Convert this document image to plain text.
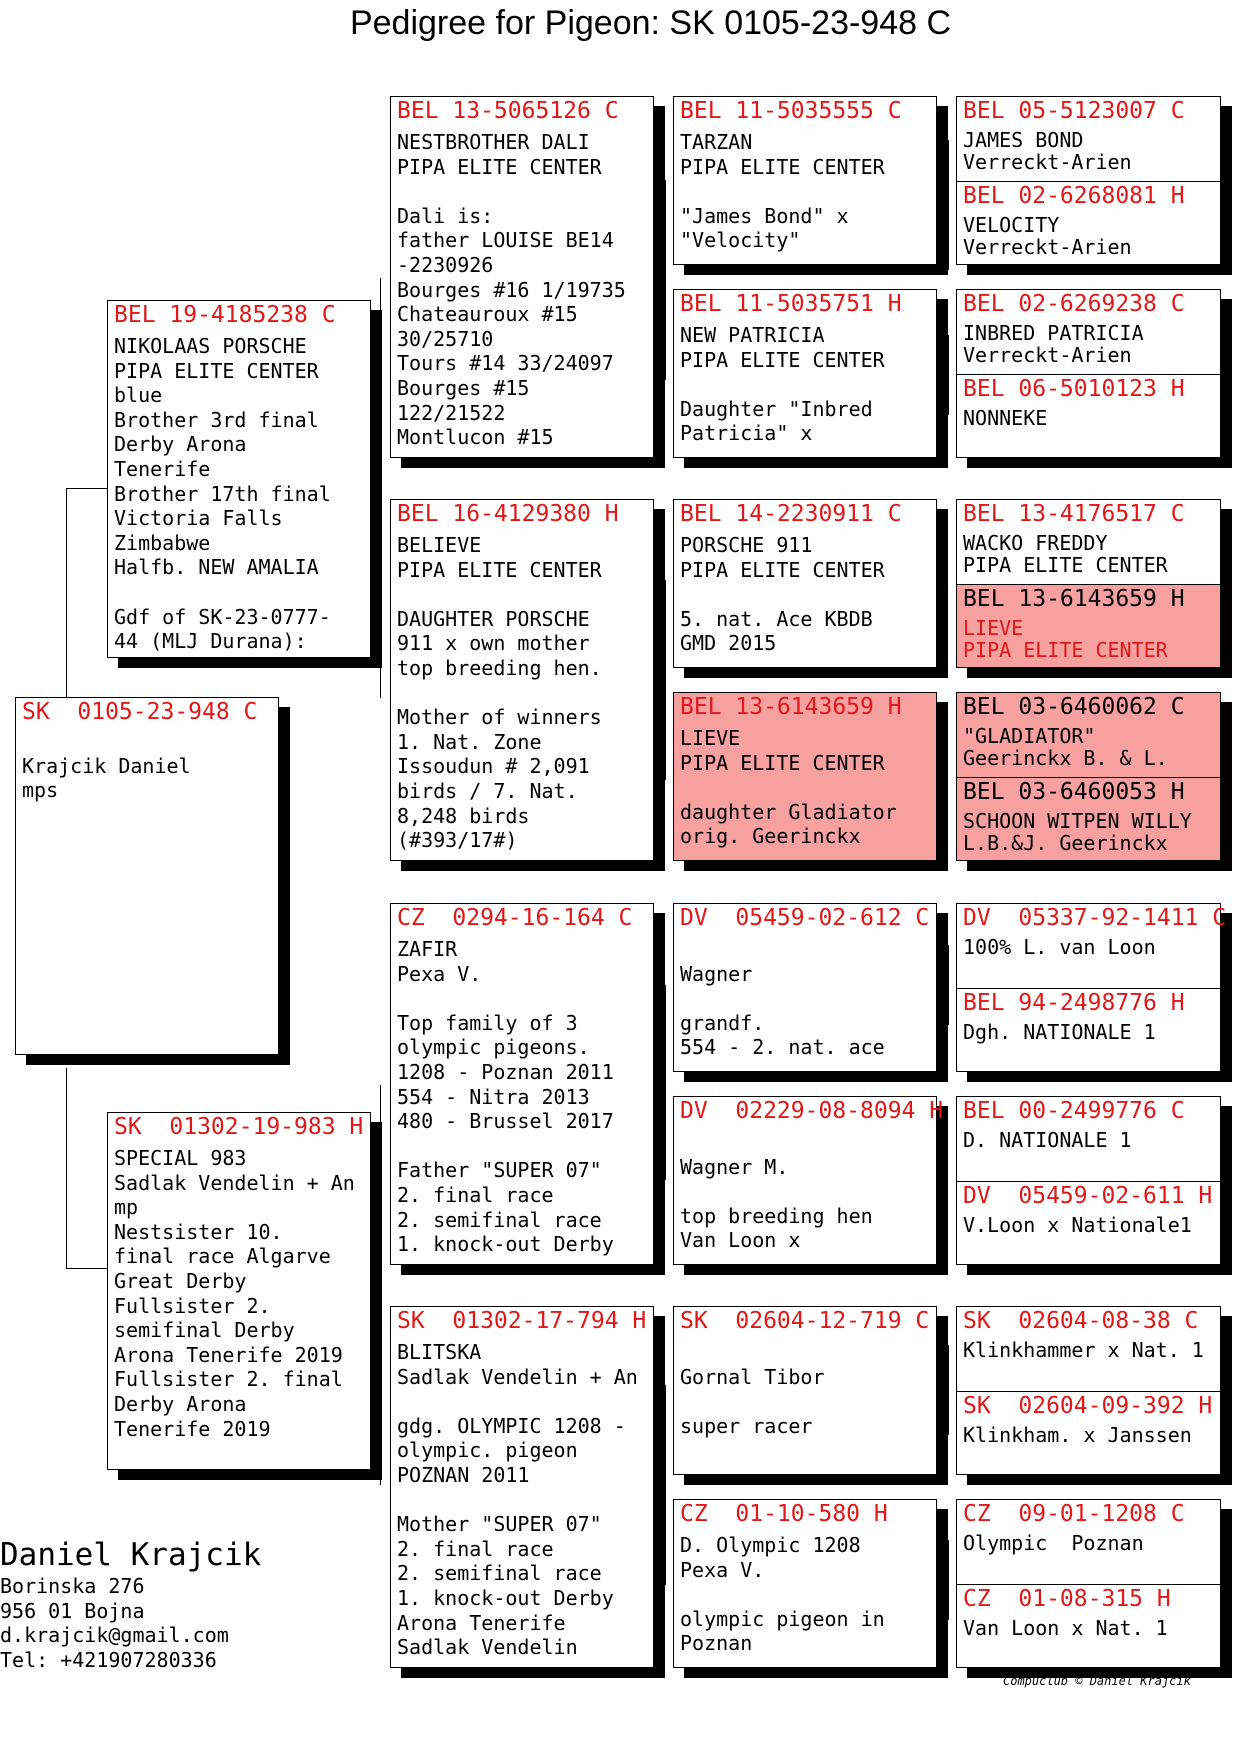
Pedigree for Pigeon: SK 0105-23-948 C
SK  0105-23-948 C

Krajcik Daniel
mps
BEL 19-4185238 C
NIKOLAAS PORSCHE
PIPA ELITE CENTER
blue
Brother 3rd final
Derby Arona
Tenerife
Brother 17th final
Victoria Falls
Zimbabwe
Halfb. NEW AMALIA

Gdf of SK-23-0777-
44 (MLJ Durana):
SK  01302-19-983 H
SPECIAL 983
Sadlak Vendelin + An
mp
Nestsister 10.
final race Algarve
Great Derby
Fullsister 2.
semifinal Derby
Arona Tenerife 2019
Fullsister 2. final
Derby Arona
Tenerife 2019
BEL 13-5065126 C
NESTBROTHER DALI
PIPA ELITE CENTER

Dali is:
father LOUISE BE14
-2230926
Bourges #16 1/19735
Chateauroux #15
30/25710
Tours #14 33/24097
Bourges #15
122/21522
Montlucon #15
BEL 16-4129380 H
BELIEVE
PIPA ELITE CENTER

DAUGHTER PORSCHE
911 x own mother
top breeding hen.

Mother of winners
1. Nat. Zone
Issoudun # 2,091
birds / 7. Nat.
8,248 birds
(#393/17#)
CZ  0294-16-164 C
ZAFIR
Pexa V.

Top family of 3
olympic pigeons.
1208 - Poznan 2011
554 - Nitra 2013
480 - Brussel 2017

Father "SUPER 07"
2. final race
2. semifinal race
1. knock-out Derby
SK  01302-17-794 H
BLITSKA
Sadlak Vendelin + An

gdg. OLYMPIC 1208 -
olympic. pigeon
POZNAN 2011

Mother "SUPER 07"
2. final race
2. semifinal race
1. knock-out Derby
Arona Tenerife
Sadlak Vendelin
BEL 11-5035555 C
TARZAN
PIPA ELITE CENTER

"James Bond" x
"Velocity"
BEL 11-5035751 H
NEW PATRICIA
PIPA ELITE CENTER

Daughter "Inbred
Patricia" x
BEL 14-2230911 C
PORSCHE 911
PIPA ELITE CENTER

5. nat. Ace KBDB
GMD 2015
BEL 13-6143659 H
LIEVE
PIPA ELITE CENTER

daughter Gladiator
orig. Geerinckx
DV  05459-02-612 C

Wagner

grandf.
554 - 2. nat. ace
DV  02229-08-8094 H

Wagner M.

top breeding hen
Van Loon x
SK  02604-12-719 C

Gornal Tibor

super racer
CZ  01-10-580 H
D. Olympic 1208
Pexa V.

olympic pigeon in
Poznan
BEL 05-5123007 C
JAMES BOND
Verreckt-Arien
BEL 02-6268081 H
VELOCITY
Verreckt-Arien
BEL 02-6269238 C
INBRED PATRICIA
Verreckt-Arien
BEL 06-5010123 H
NONNEKE
BEL 13-4176517 C
WACKO FREDDY
PIPA ELITE CENTER
BEL 13-6143659 H
LIEVE
PIPA ELITE CENTER
BEL 03-6460062 C
"GLADIATOR"
Geerinckx B. & L.
BEL 03-6460053 H
SCHOON WITPEN WILLY
L.B.&J. Geerinckx
DV  05337-92-1411 C
100% L. van Loon
BEL 94-2498776 H
Dgh. NATIONALE 1
BEL 00-2499776 C
D. NATIONALE 1
DV  05459-02-611 H
V.Loon x Nationale1
SK  02604-08-38 C
Klinkhammer x Nat. 1
SK  02604-09-392 H
Klinkham. x Janssen
CZ  09-01-1208 C
Olympic  Poznan
CZ  01-08-315 H
Van Loon x Nat. 1
Daniel Krajcik
Borinska 276
956 01 Bojna
d.krajcik@gmail.com
Tel: +421907280336
Compuclub © Daniel Krajcik
